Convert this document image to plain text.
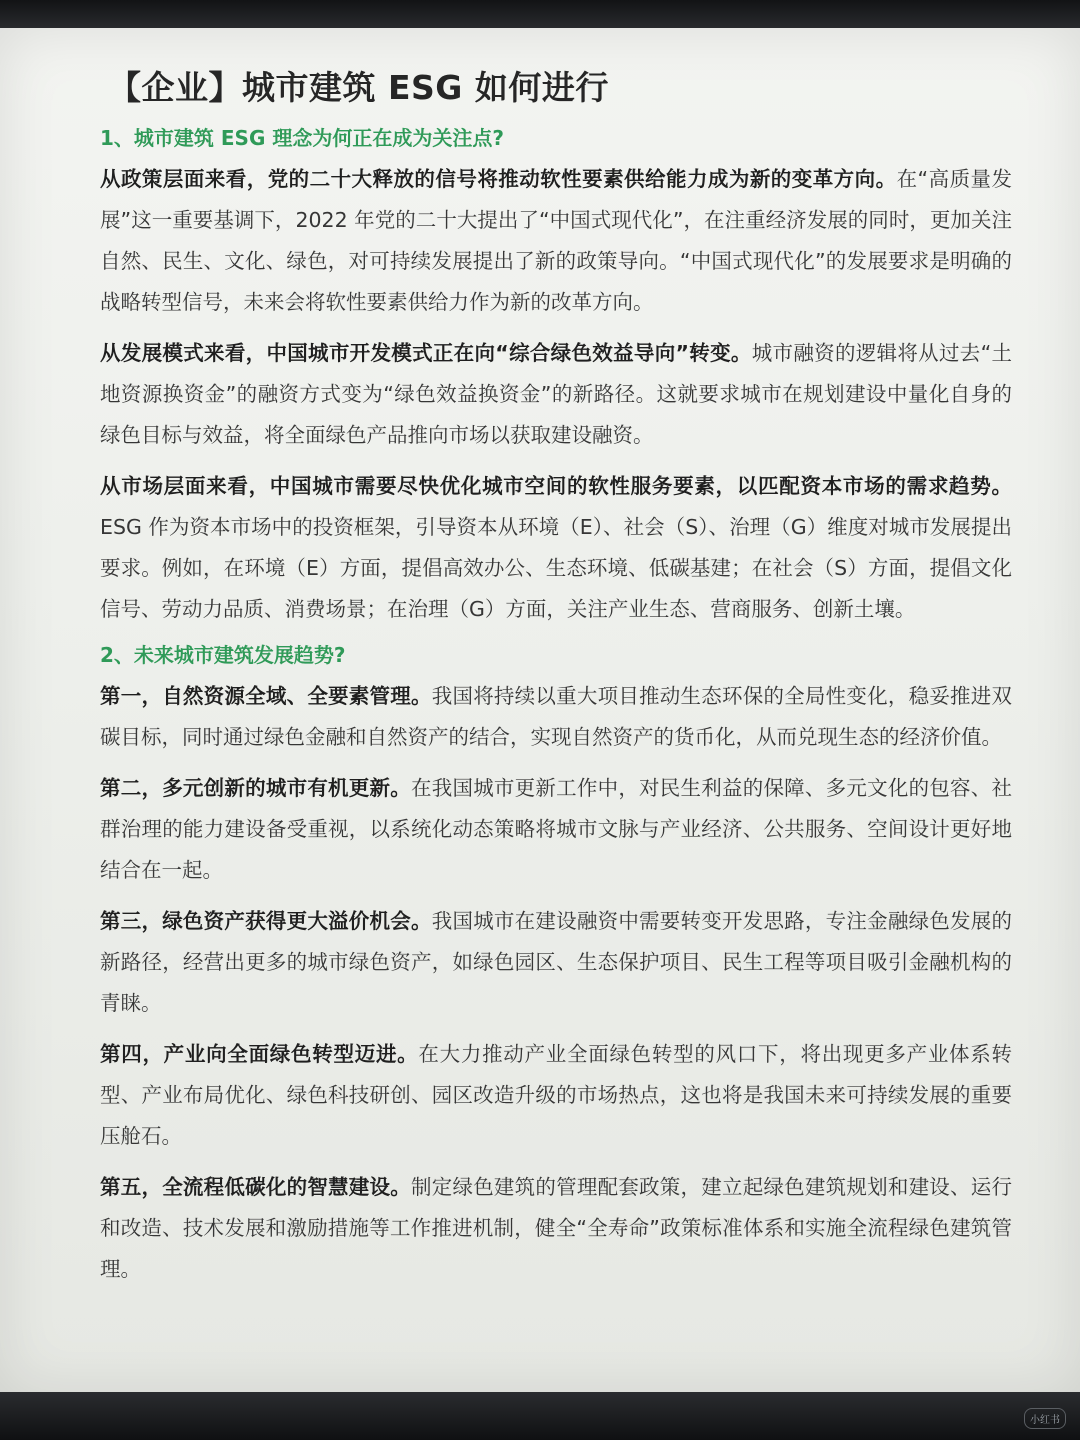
【企业】城市建筑 ESG 如何进行
1、城市建筑 ESG 理念为何正在成为关注点?

从政策层面来看，党的二十大释放的信号将推动软性要素供给能力成为新的变革方向。在“高质量发展”这一重要基调下，2022 年党的二十大提出了“中国式现代化”，在注重经济发展的同时，更加关注自然、民生、文化、绿色，对可持续发展提出了新的政策导向。“中国式现代化”的发展要求是明确的战略转型信号，未来会将软性要素供给力作为新的改革方向。

从发展模式来看，中国城市开发模式正在向“综合绿色效益导向”转变。城市融资的逻辑将从过去“土地资源换资金”的融资方式变为“绿色效益换资金”的新路径。这就要求城市在规划建设中量化自身的绿色目标与效益，将全面绿色产品推向市场以获取建设融资。

从市场层面来看，中国城市需要尽快优化城市空间的软性服务要素，以匹配资本市场的需求趋势。ESG 作为资本市场中的投资框架，引导资本从环境（E）、社会（S）、治理（G）维度对城市发展提出要求。例如，在环境（E）方面，提倡高效办公、生态环境、低碳基建；在社会（S）方面，提倡文化信号、劳动力品质、消费场景；在治理（G）方面，关注产业生态、营商服务、创新土壤。

2、未来城市建筑发展趋势?

第一，自然资源全域、全要素管理。我国将持续以重大项目推动生态环保的全局性变化，稳妥推进双碳目标，同时通过绿色金融和自然资产的结合，实现自然资产的货币化，从而兑现生态的经济价值。

第二，多元创新的城市有机更新。在我国城市更新工作中，对民生利益的保障、多元文化的包容、社群治理的能力建设备受重视，以系统化动态策略将城市文脉与产业经济、公共服务、空间设计更好地结合在一起。

第三，绿色资产获得更大溢价机会。我国城市在建设融资中需要转变开发思路，专注金融绿色发展的新路径，经营出更多的城市绿色资产，如绿色园区、生态保护项目、民生工程等项目吸引金融机构的青睐。

第四，产业向全面绿色转型迈进。在大力推动产业全面绿色转型的风口下，将出现更多产业体系转型、产业布局优化、绿色科技研创、园区改造升级的市场热点，这也将是我国未来可持续发展的重要压舱石。

第五，全流程低碳化的智慧建设。制定绿色建筑的管理配套政策，建立起绿色建筑规划和建设、运行和改造、技术发展和激励措施等工作推进机制，健全“全寿命”政策标准体系和实施全流程绿色建筑管理。

小红书
